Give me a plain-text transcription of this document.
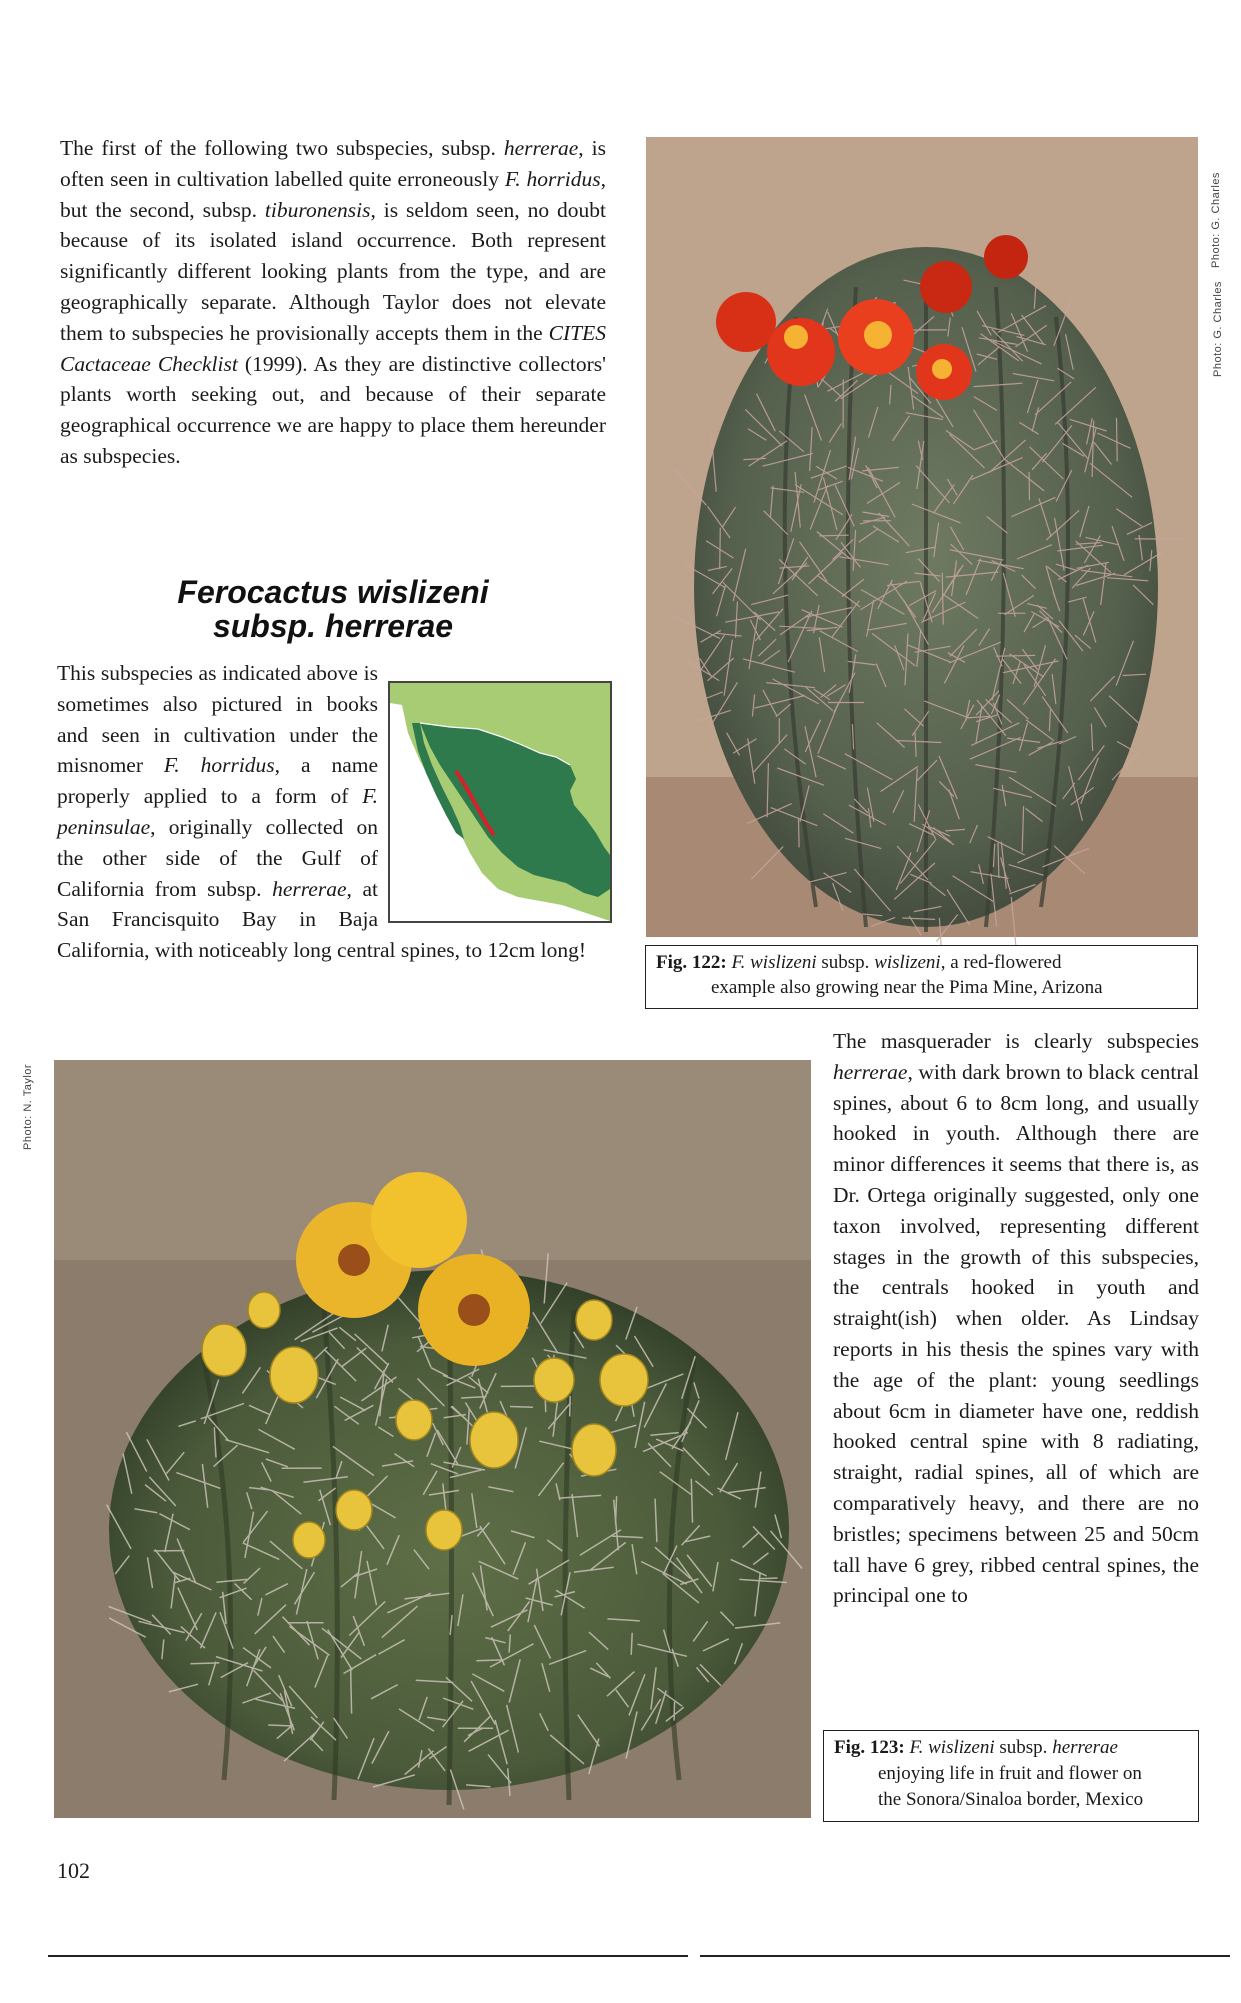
The first of the following two subspecies, subsp. herrerae, is often seen in cultivation labelled quite erroneously F. horridus, but the second, subsp. tiburonensis, is seldom seen, no doubt because of its isolated island occurrence. Both represent significantly different looking plants from the type, and are geographically separate. Although Taylor does not elevate them to subspecies he provisionally accepts them in the CITES Cactaceae Checklist (1999). As they are distinctive collectors' plants worth seeking out, and because of their separate geographical occurrence we are happy to place them hereunder as subspecies.
Ferocactus wislizeni
subsp. herrerae
This subspecies as indicated above is sometimes also pictured in books and seen in cultivation under the misnomer F. horridus, a name properly applied to a form of F. peninsulae, originally collected on the other side of the Gulf of California from subsp. herrerae, at San Francisquito Bay in Baja California, with noticeably long central spines, to 12cm long!
Photo: G. Charles
Photo: G. Charles
Fig. 122: F. wislizeni subsp. wislizeni, a red-flowered
example also growing near the Pima Mine, Arizona
The masquerader is clearly subspecies herrerae, with dark brown to black central spines, about 6 to 8cm long, and usually hooked in youth. Although there are minor differences it seems that there is, as Dr. Ortega originally suggested, only one taxon involved, representing different stages in the growth of this subspecies, the centrals hooked in youth and straight(ish) when older. As Lindsay reports in his thesis the spines vary with the age of the plant: young seedlings about 6cm in diameter have one, reddish hooked central spine with 8 radiating, straight, radial spines, all of which are comparatively heavy, and there are no bristles; specimens between 25 and 50cm tall have 6 grey, ribbed central spines, the principal one to
Photo: N. Taylor
Fig. 123: F. wislizeni subsp. herrerae
enjoying life in fruit and flower on
the Sonora/Sinaloa border, Mexico
102
